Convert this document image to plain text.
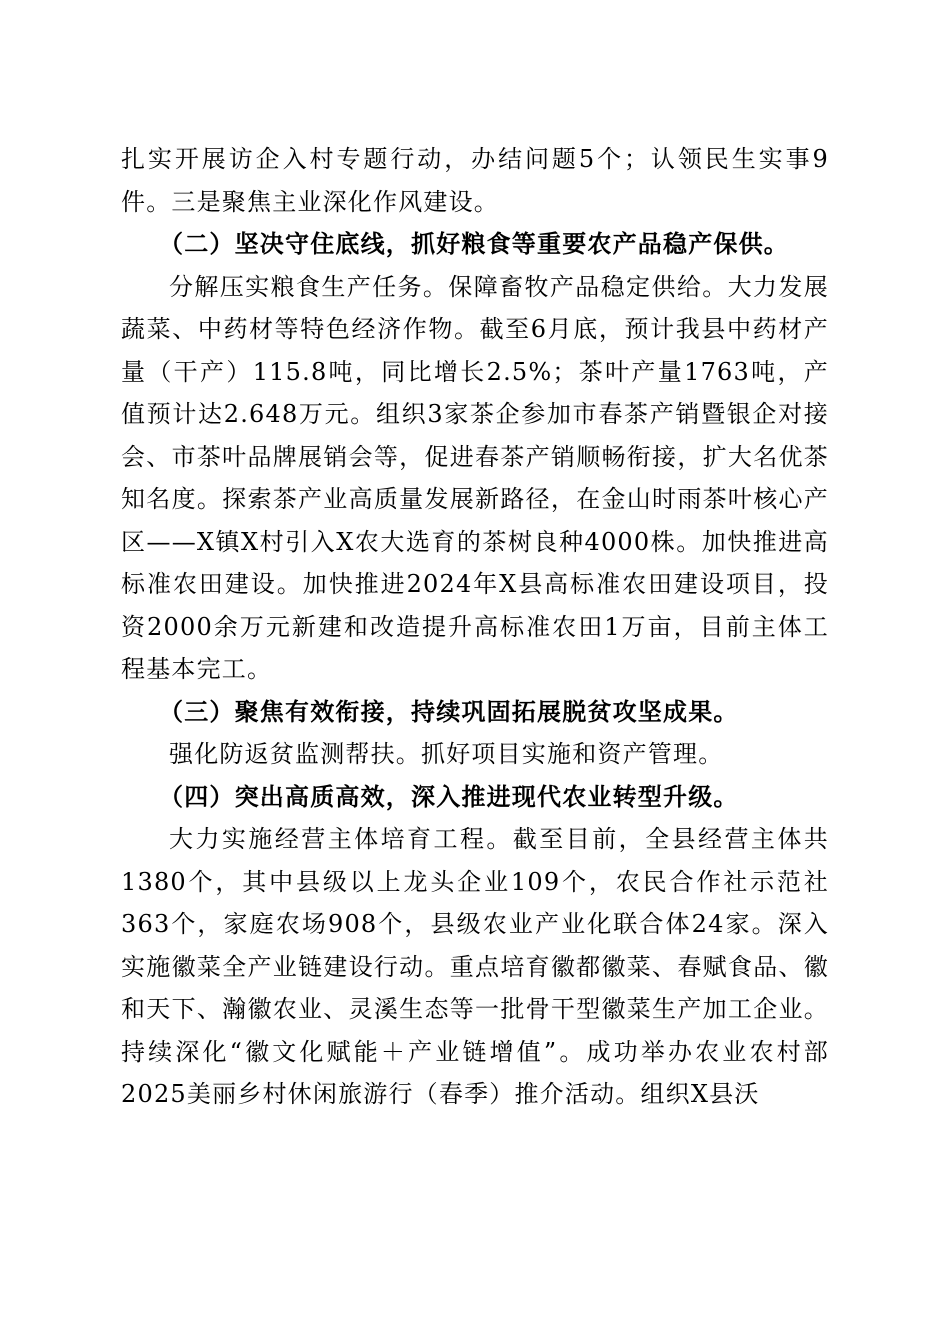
扎实开展访企入村专题行动，办结问题5个；认领民生实事9件。三是聚焦主业深化作风建设。

（二）坚决守住底线，抓好粮食等重要农产品稳产保供。

分解压实粮食生产任务。保障畜牧产品稳定供给。大力发展蔬菜、中药材等特色经济作物。截至6月底，预计我县中药材产量（干产）115.8吨，同比增长2.5%；茶叶产量1763吨，产值预计达2.648万元。组织3家茶企参加市春茶产销暨银企对接会、市茶叶品牌展销会等，促进春茶产销顺畅衔接，扩大名优茶知名度。探索茶产业高质量发展新路径，在金山时雨茶叶核心产区——X镇X村引入X农大选育的茶树良种4000株。加快推进高标准农田建设。加快推进2024年X县高标准农田建设项目，投资2000余万元新建和改造提升高标准农田1万亩，目前主体工程基本完工。

（三）聚焦有效衔接，持续巩固拓展脱贫攻坚成果。

强化防返贫监测帮扶。抓好项目实施和资产管理。

（四）突出高质高效，深入推进现代农业转型升级。

大力实施经营主体培育工程。截至目前，全县经营主体共1380个，其中县级以上龙头企业109个，农民合作社示范社363个，家庭农场908个，县级农业产业化联合体24家。深入实施徽菜全产业链建设行动。重点培育徽都徽菜、春赋食品、徽和天下、瀚徽农业、灵溪生态等一批骨干型徽菜生产加工企业。持续深化“徽文化赋能＋产业链增值”。成功举办农业农村部2025美丽乡村休闲旅游行（春季）推介活动。组织X县沃
